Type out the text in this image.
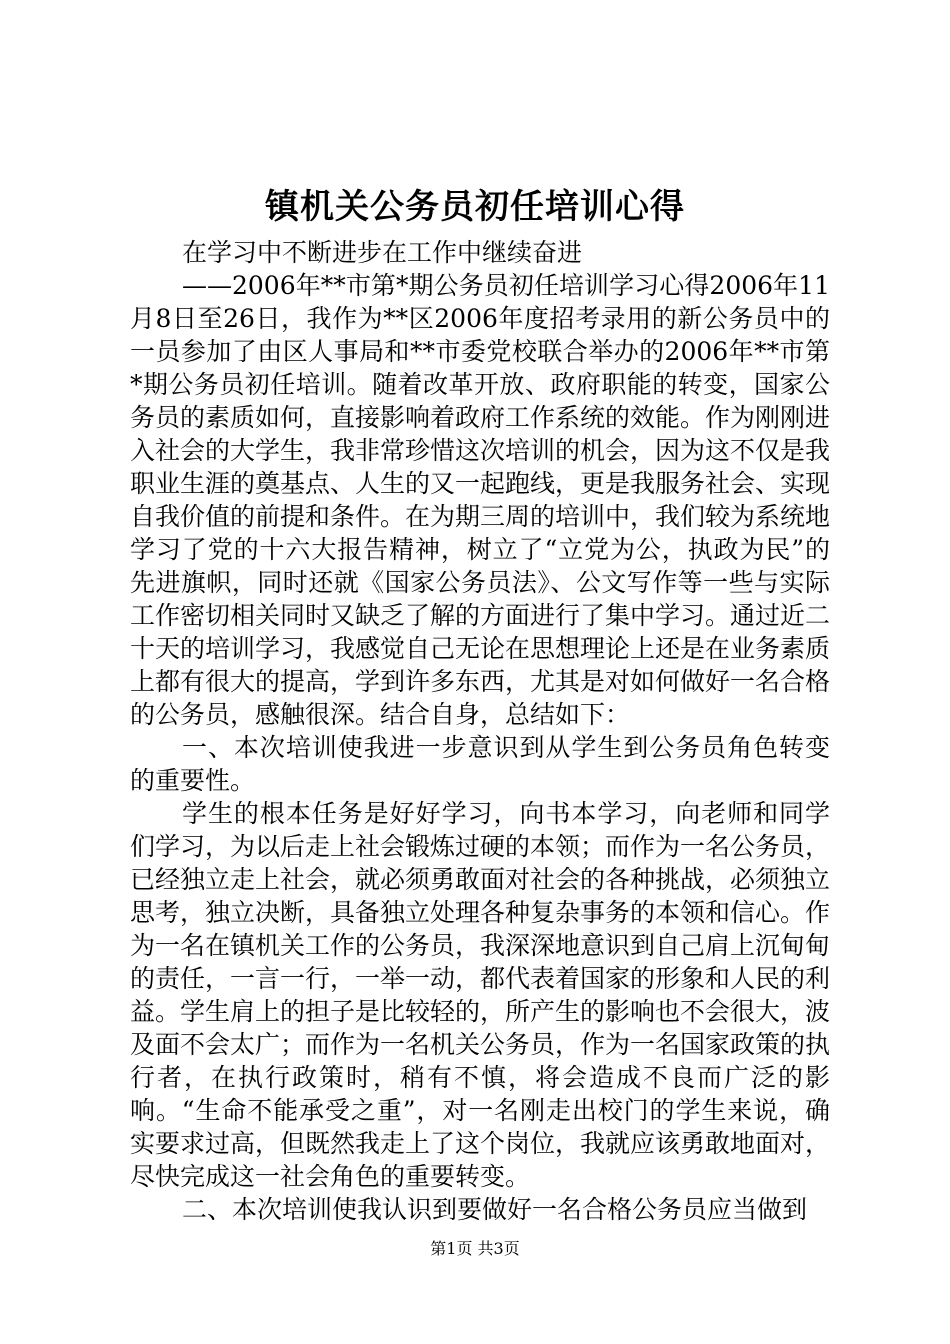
镇机关公务员初任培训心得

在学习中不断进步在工作中继续奋进

——2006年**市第*期公务员初任培训学习心得2006年11月8日至26日，我作为**区2006年度招考录用的新公务员中的一员参加了由区人事局和**市委党校联合举办的2006年**市第*期公务员初任培训。随着改革开放、政府职能的转变，国家公务员的素质如何，直接影响着政府工作系统的效能。作为刚刚进入社会的大学生，我非常珍惜这次培训的机会，因为这不仅是我职业生涯的奠基点、人生的又一起跑线，更是我服务社会、实现自我价值的前提和条件。在为期三周的培训中，我们较为系统地学习了党的十六大报告精神，树立了“立党为公，执政为民”的先进旗帜，同时还就《国家公务员法》、公文写作等一些与实际工作密切相关同时又缺乏了解的方面进行了集中学习。通过近二十天的培训学习，我感觉自己无论在思想理论上还是在业务素质上都有很大的提高，学到许多东西，尤其是对如何做好一名合格的公务员，感触很深。结合自身，总结如下：

一、本次培训使我进一步意识到从学生到公务员角色转变的重要性。

学生的根本任务是好好学习，向书本学习，向老师和同学们学习，为以后走上社会锻炼过硬的本领；而作为一名公务员，已经独立走上社会，就必须勇敢面对社会的各种挑战，必须独立思考，独立决断，具备独立处理各种复杂事务的本领和信心。作为一名在镇机关工作的公务员，我深深地意识到自己肩上沉甸甸的责任，一言一行，一举一动，都代表着国家的形象和人民的利益。学生肩上的担子是比较轻的，所产生的影响也不会很大，波及面不会太广；而作为一名机关公务员，作为一名国家政策的执行者，在执行政策时，稍有不慎，将会造成不良而广泛的影响。“生命不能承受之重”，对一名刚走出校门的学生来说，确实要求过高，但既然我走上了这个岗位，我就应该勇敢地面对，尽快完成这一社会角色的重要转变。

二、本次培训使我认识到要做好一名合格公务员应当做到

第1页 共3页
